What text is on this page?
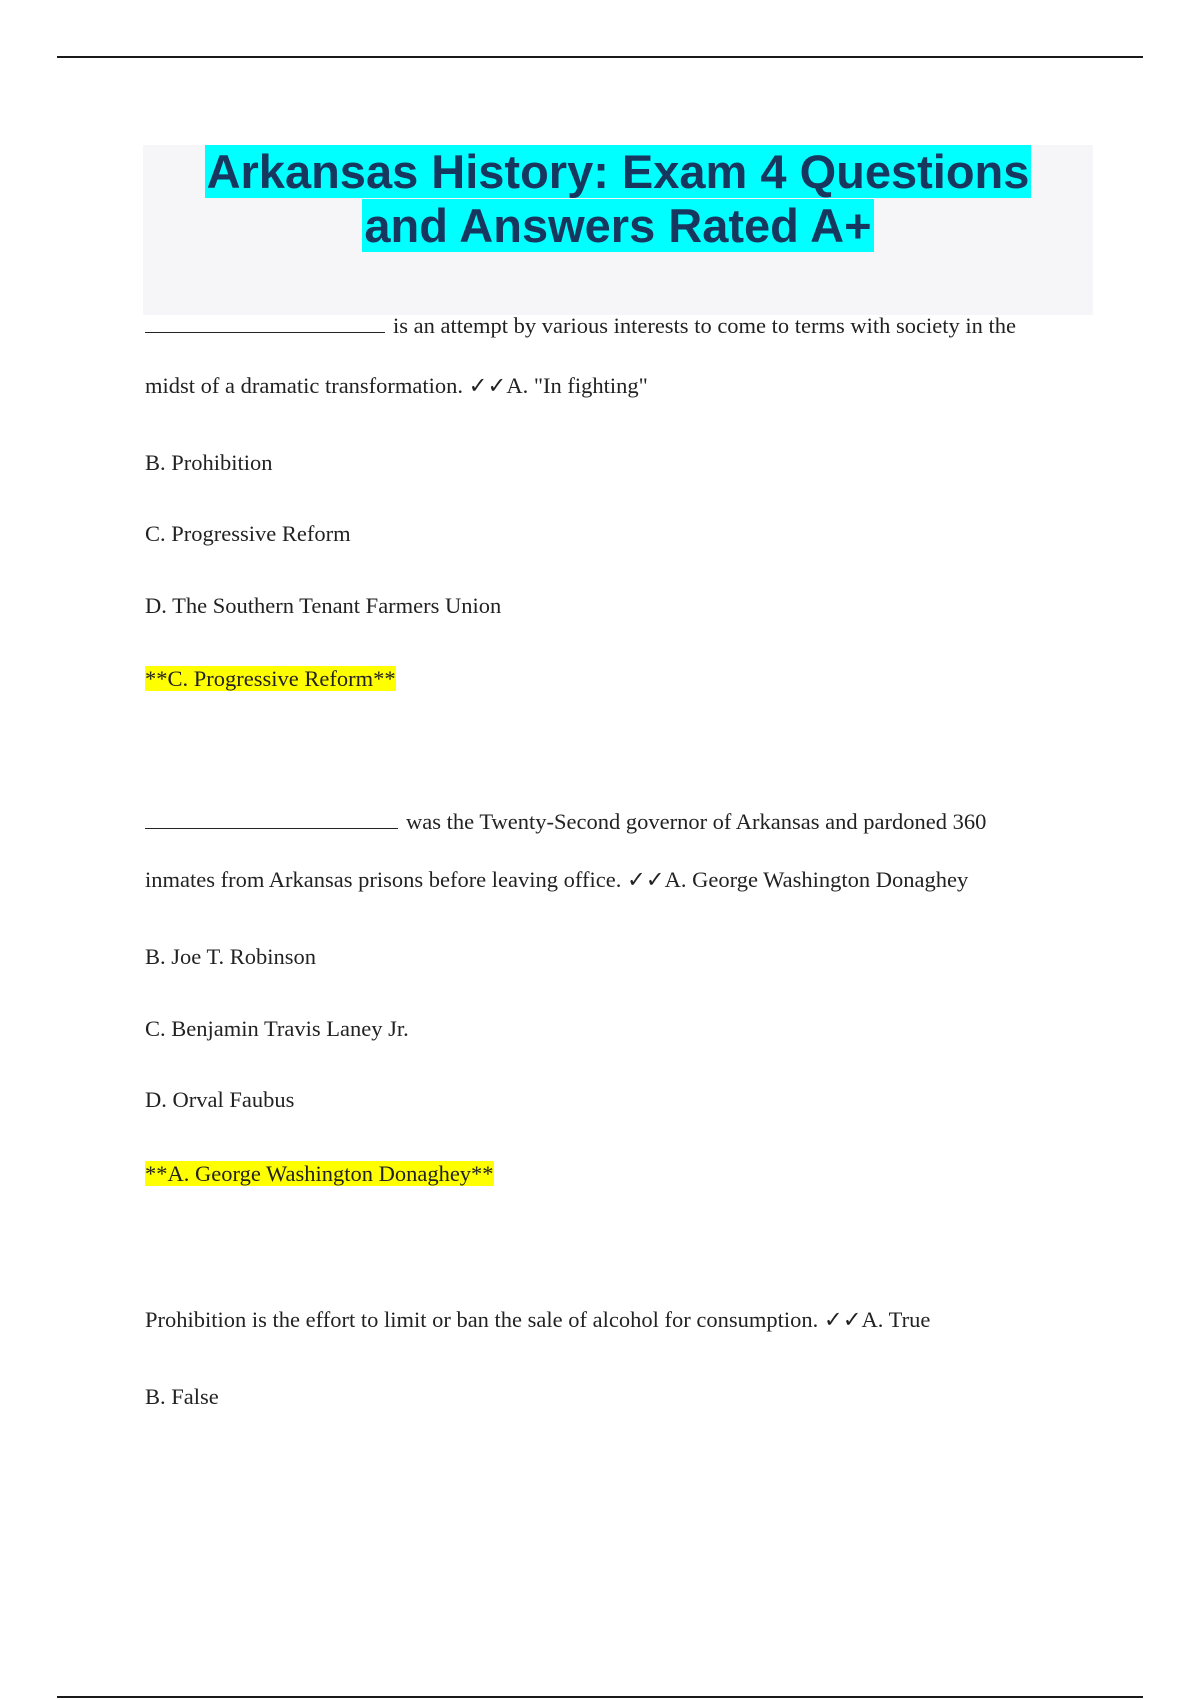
Arkansas History: Exam 4 Questions
and Answers Rated A+
is an attempt by various interests to come to terms with society in the
midst of a dramatic transformation. ✓✓A. "In fighting"
B. Prohibition
C. Progressive Reform
D. The Southern Tenant Farmers Union
**C. Progressive Reform**
was the Twenty-Second governor of Arkansas and pardoned 360
inmates from Arkansas prisons before leaving office. ✓✓A. George Washington Donaghey
B. Joe T. Robinson
C. Benjamin Travis Laney Jr.
D. Orval Faubus
**A. George Washington Donaghey**
Prohibition is the effort to limit or ban the sale of alcohol for consumption. ✓✓A. True
B. False
